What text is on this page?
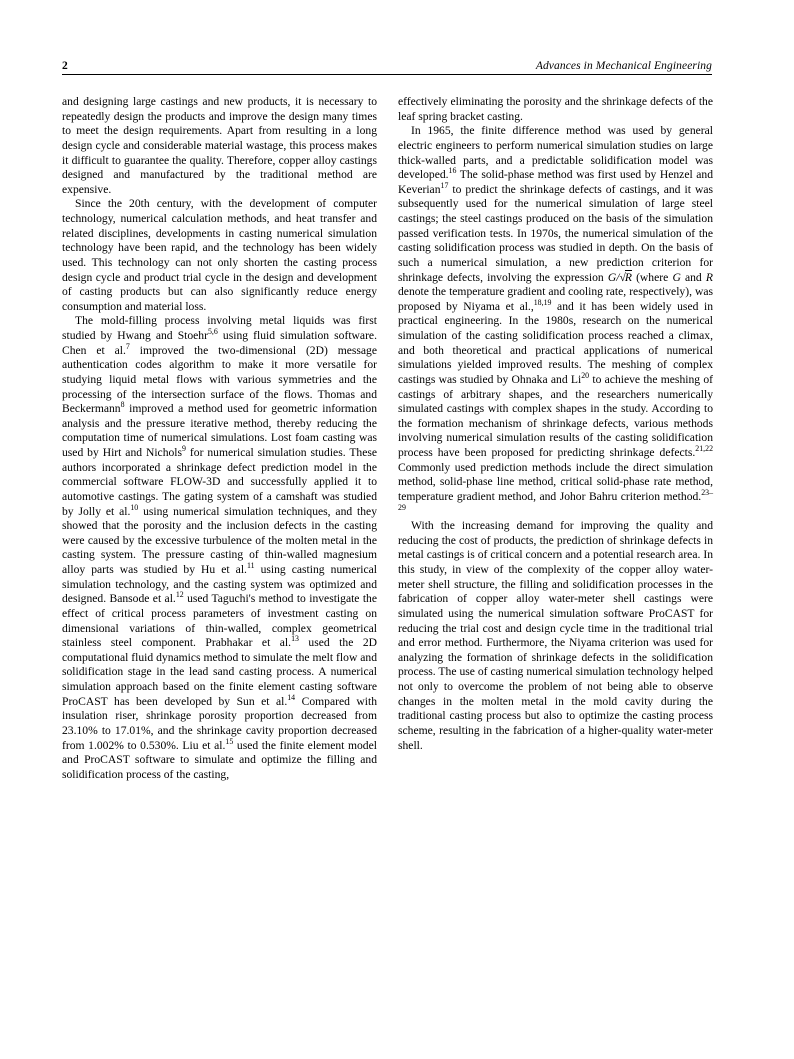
2	Advances in Mechanical Engineering

and designing large castings and new products, it is necessary to repeatedly design the products and improve the design many times to meet the design requirements. Apart from resulting in a long design cycle and considerable material wastage, this process makes it difficult to guarantee the quality. Therefore, copper alloy castings designed and manufactured by the traditional method are expensive.

Since the 20th century, with the development of computer technology, numerical calculation methods, and heat transfer and related disciplines, developments in casting numerical simulation technology have been rapid, and the technology has been widely used. This technology can not only shorten the casting process design cycle and product trial cycle in the design and development of casting products but can also significantly reduce energy consumption and material loss.

The mold-filling process involving metal liquids was first studied by Hwang and Stoehr$^{5,6}$ using fluid simulation software. Chen et al.$^7$ improved the two-dimensional (2D) message authentication codes algorithm to make it more versatile for studying liquid metal flows with various symmetries and the processing of the intersection surface of the flows. Thomas and Beckermann$^8$ improved a method used for geometric information analysis and the pressure iterative method, thereby reducing the computation time of numerical simulations. Lost foam casting was used by Hirt and Nichols$^9$ for numerical simulation studies. These authors incorporated a shrinkage defect prediction model in the commercial software FLOW-3D and successfully applied it to automotive castings. The gating system of a camshaft was studied by Jolly et al.$^{10}$ using numerical simulation techniques, and they showed that the porosity and the inclusion defects in the casting were caused by the excessive turbulence of the molten metal in the casting system. The pressure casting of thin-walled magnesium alloy parts was studied by Hu et al.$^{11}$ using casting numerical simulation technology, and the casting system was optimized and designed. Bansode et al.$^{12}$ used Taguchi's method to investigate the effect of critical process parameters of investment casting on dimensional variations of thin-walled, complex geometrical stainless steel component. Prabhakar et al.$^{13}$ used the 2D computational fluid dynamics method to simulate the melt flow and solidification stage in the lead sand casting process. A numerical simulation approach based on the finite element casting software ProCAST has been developed by Sun et al.$^{14}$ Compared with insulation riser, shrinkage porosity proportion decreased from 23.10% to 17.01%, and the shrinkage cavity proportion decreased from 1.002% to 0.530%. Liu et al.$^{15}$ used the finite element model and ProCAST software to simulate and optimize the filling and solidification process of the casting,

effectively eliminating the porosity and the shrinkage defects of the leaf spring bracket casting.

In 1965, the finite difference method was used by general electric engineers to perform numerical simulation studies on large thick-walled parts, and a predictable solidification model was developed.$^{16}$ The solid-phase method was first used by Henzel and Keverian$^{17}$ to predict the shrinkage defects of castings, and it was subsequently used for the numerical simulation of large steel castings; the steel castings produced on the basis of the simulation passed verification tests. In 1970s, the numerical simulation of the casting solidification process was studied in depth. On the basis of such a numerical simulation, a new prediction criterion for shrinkage defects, involving the expression G/√R (where G and R denote the temperature gradient and cooling rate, respectively), was proposed by Niyama et al.,$^{18,19}$ and it has been widely used in practical engineering. In the 1980s, research on the numerical simulation of the casting solidification process reached a climax, and both theoretical and practical applications of numerical simulations yielded improved results. The meshing of complex castings was studied by Ohnaka and Li$^{20}$ to achieve the meshing of castings of arbitrary shapes, and the researchers numerically simulated castings with complex shapes in the study. According to the formation mechanism of shrinkage defects, various methods involving numerical simulation results of the casting solidification process have been proposed for predicting shrinkage defects.$^{21,22}$ Commonly used prediction methods include the direct simulation method, solid-phase line method, critical solid-phase rate method, temperature gradient method, and Johor Bahru criterion method.$^{23-29}$

With the increasing demand for improving the quality and reducing the cost of products, the prediction of shrinkage defects in metal castings is of critical concern and a potential research area. In this study, in view of the complexity of the copper alloy water-meter shell structure, the filling and solidification processes in the fabrication of copper alloy water-meter shell castings were simulated using the numerical simulation software ProCAST for reducing the trial cost and design cycle time in the traditional trial and error method. Furthermore, the Niyama criterion was used for analyzing the formation of shrinkage defects in the solidification process. The use of casting numerical simulation technology helped not only to overcome the problem of not being able to observe changes in the molten metal in the mold cavity during the traditional casting process but also to optimize the casting process scheme, resulting in the fabrication of a higher-quality water-meter shell.
